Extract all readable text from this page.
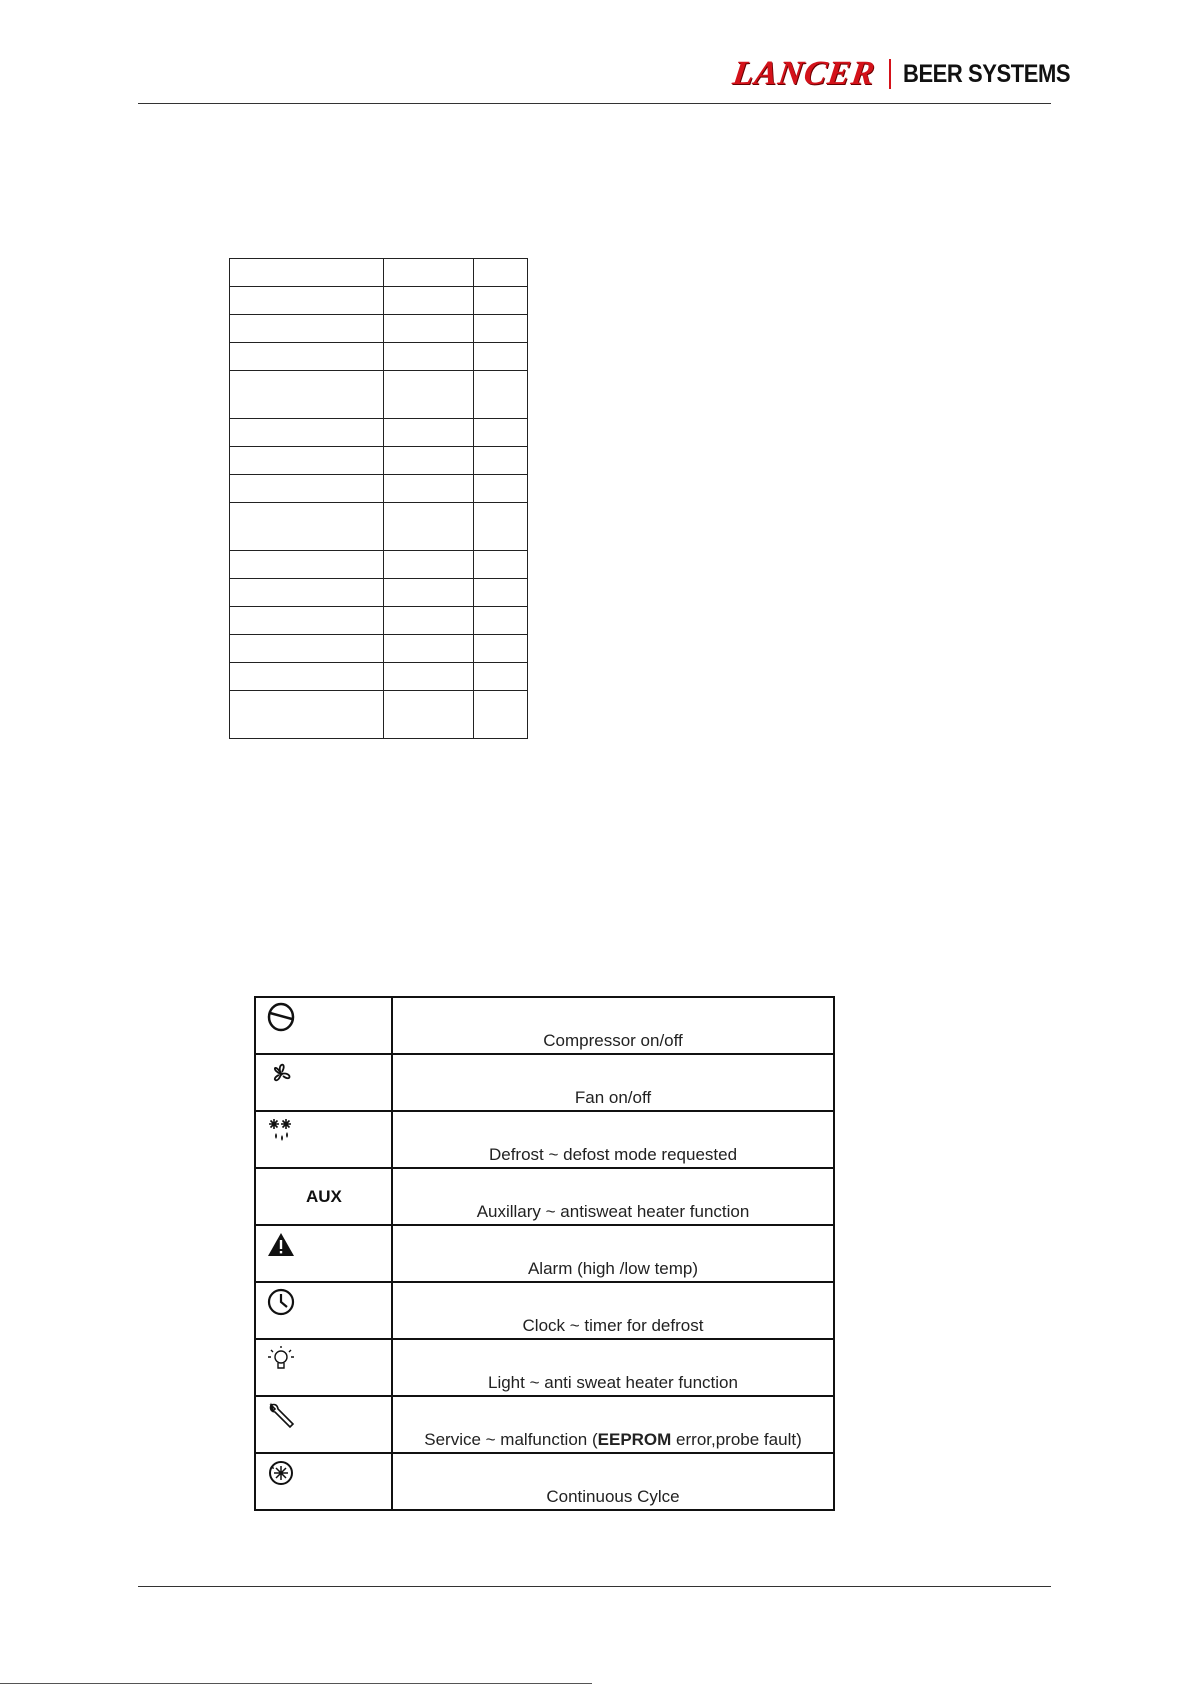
LANCER BEER SYSTEMS

	Compressor on/off

	Fan on/off

	Defrost ~ defost mode requested

AUX	Auxillary ~ antisweat heater function

	Alarm (high /low temp)

	Clock ~ timer for defrost

	Light ~ anti sweat heater function

	Service ~ malfunction (EEPROM error,probe fault)

	Continuous Cylce
